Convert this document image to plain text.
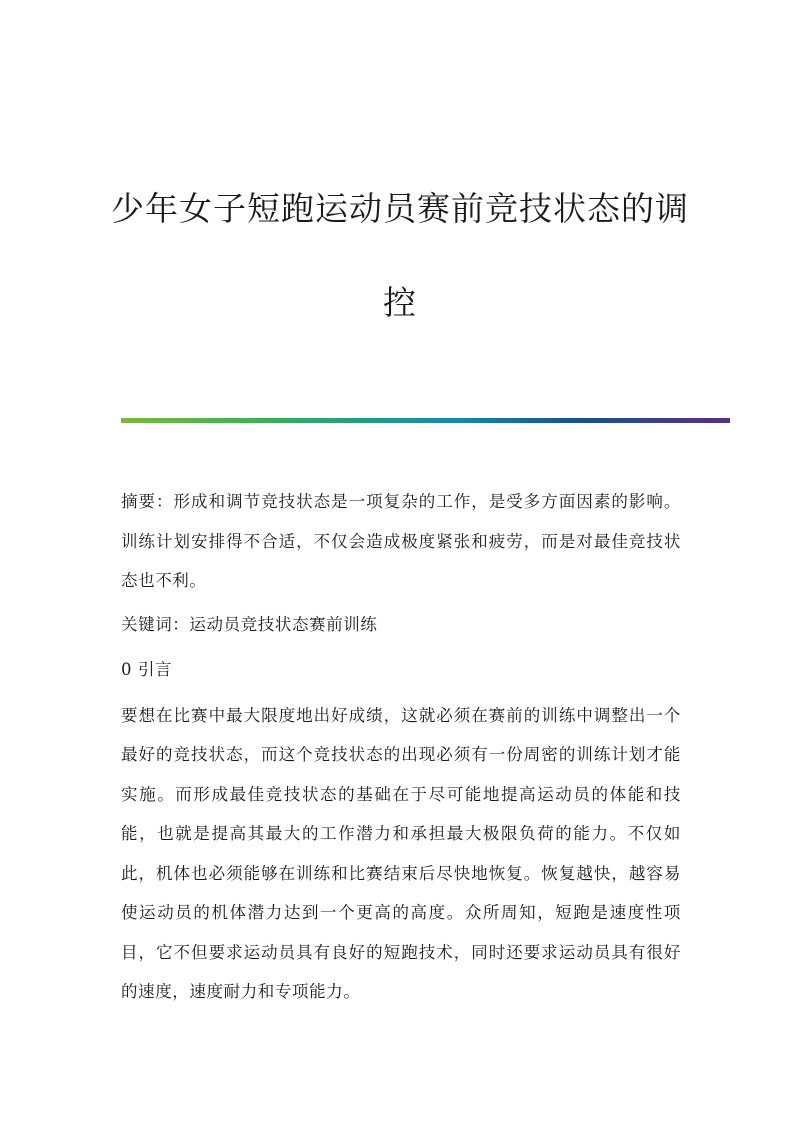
少年女子短跑运动员赛前竞技状态的调
控

摘要：形成和调节竞技状态是一项复杂的工作，是受多方面因素的影响。训练计划安排得不合适，不仅会造成极度紧张和疲劳，而是对最佳竞技状态也不利。

关键词：运动员竞技状态赛前训练

0 引言

要想在比赛中最大限度地出好成绩，这就必须在赛前的训练中调整出一个最好的竞技状态，而这个竞技状态的出现必须有一份周密的训练计划才能实施。而形成最佳竞技状态的基础在于尽可能地提高运动员的体能和技能，也就是提高其最大的工作潜力和承担最大极限负荷的能力。不仅如此，机体也必须能够在训练和比赛结束后尽快地恢复。恢复越快，越容易使运动员的机体潜力达到一个更高的高度。众所周知，短跑是速度性项目，它不但要求运动员具有良好的短跑技术，同时还要求运动员具有很好的速度，速度耐力和专项能力。
